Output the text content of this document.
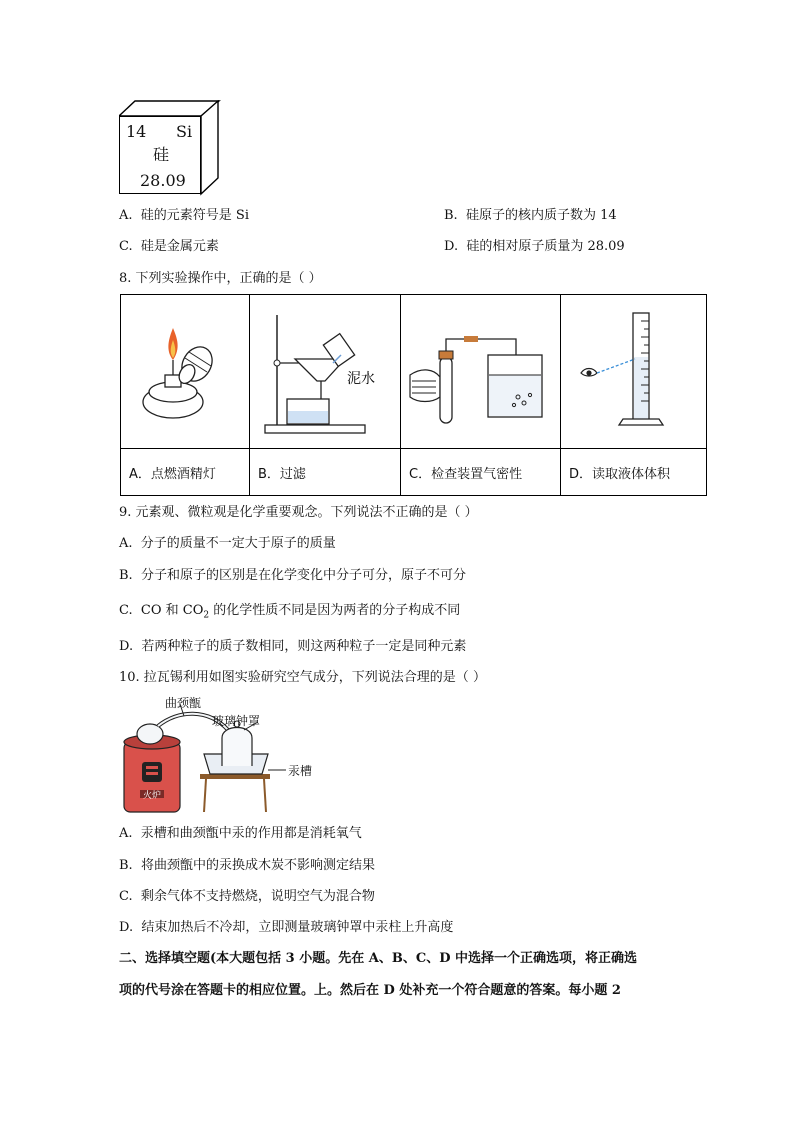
14 Si
硅
28.09
A. 硅的元素符号是 Si	B. 硅原子的核内质子数为 14
C. 硅是金属元素	D. 硅的相对原子质量为 28.09
8. 下列实验操作中，正确的是（ ）

泥水

A．点燃酒精灯	B．过滤	C．检查装置气密性	D．读取液体体积
9. 元素观、微粒观是化学重要观念。下列说法不正确的是（ ）
A. 分子的质量不一定大于原子的质量
B. 分子和原子的区别是在化学变化中分子可分，原子不可分
C. CO 和 $CO_2$ 的化学性质不同是因为两者的分子构成不同
D. 若两种粒子的质子数相同，则这两种粒子一定是同种元素
10. 拉瓦锡利用如图实验研究空气成分，下列说法合理的是（ ）
火炉
曲颈甑
玻璃钟罩
汞槽
A. 汞槽和曲颈甑中汞的作用都是消耗氧气
B. 将曲颈甑中的汞换成木炭不影响测定结果
C. 剩余气体不支持燃烧，说明空气为混合物
D. 结束加热后不冷却，立即测量玻璃钟罩中汞柱上升高度
二、选择填空题(本大题包括 3 小题。先在 A、B、C、D 中选择一个正确选项，将正确选
项的代号涂在答题卡的相应位置。上。然后在 D 处补充一个符合题意的答案。每小题 2
